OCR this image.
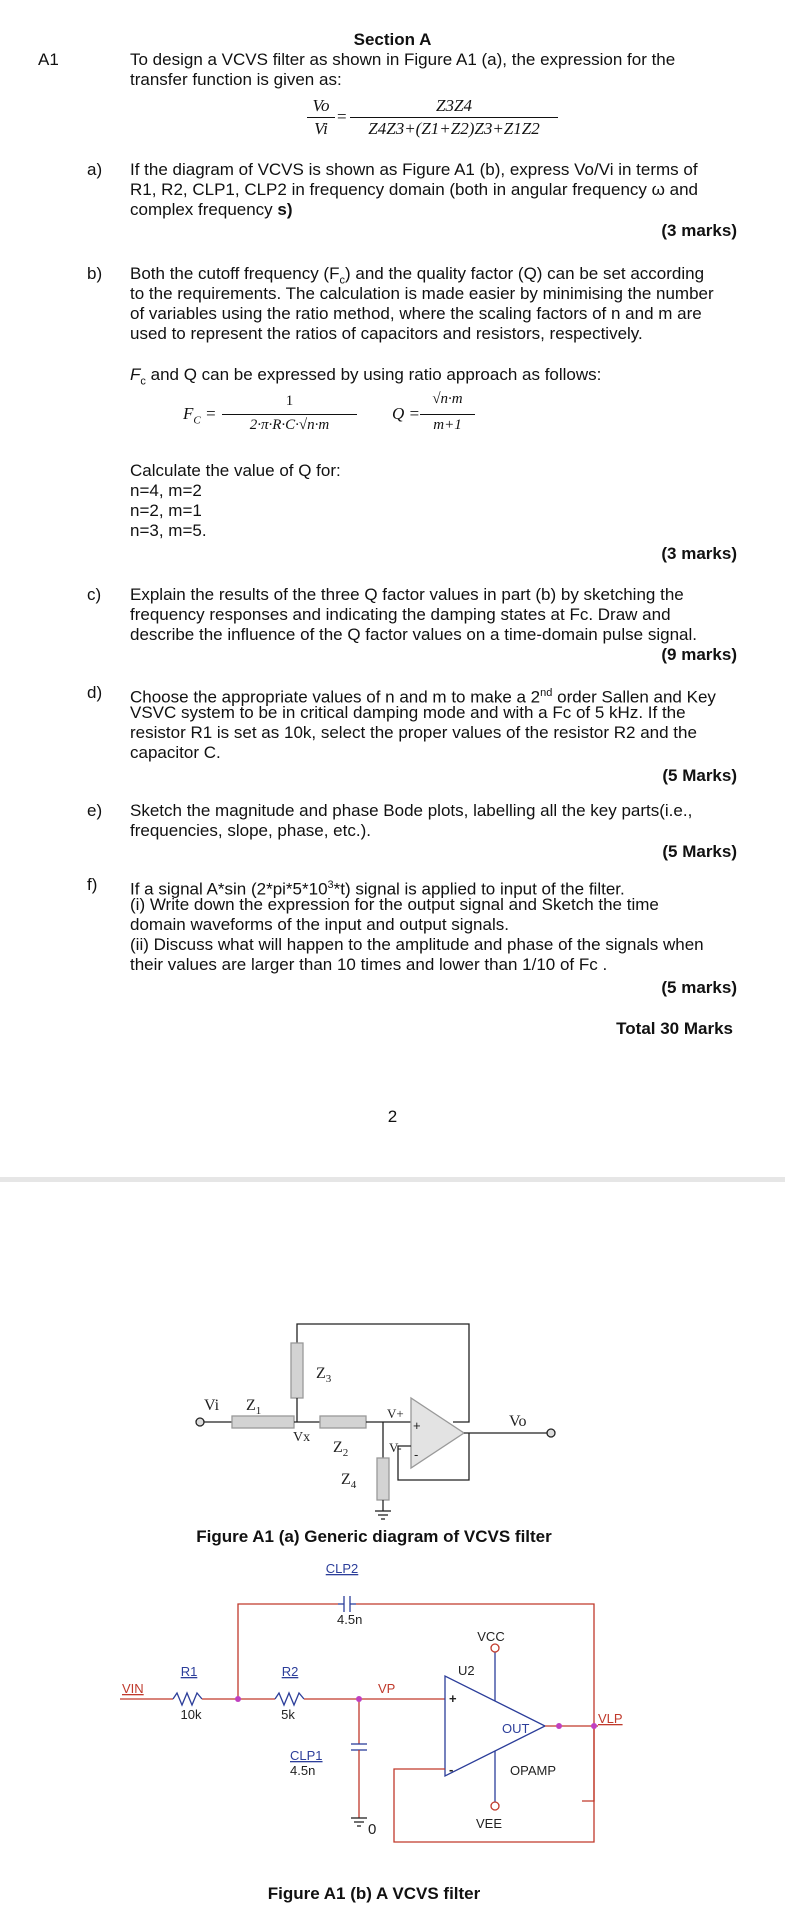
Section A
A1	To design a VCVS filter as shown in Figure A1 (a), the expression for the
transfer function is given as:
Vo
Vi
=
Z3Z4
Z4Z3+(Z1+Z2)Z3+Z1Z2
a) If the diagram of VCVS is shown as Figure A1 (b), express Vo/Vi in terms of
R1, R2, CLP1, CLP2 in frequency domain (both in angular frequency ω and
complex frequency s)
(3 marks)
b) Both the cutoff frequency $(F_c)$ and the quality factor (Q) can be set according
to the requirements. The calculation is made easier by minimising the number
of variables using the ratio method, where the scaling factors of n and m are
used to represent the ratios of capacitors and resistors, respectively.
$F_c$ and Q can be expressed by using ratio approach as follows:
$F_C$ =
1
2·π·R·C·√n·m
Q =
√n·m
m+1
Calculate the value of Q for:
n=4, m=2
n=2, m=1
n=3, m=5.
(3 marks)
c) Explain the results of the three Q factor values in part (b) by sketching the
frequency responses and indicating the damping states at Fc. Draw and
describe the influence of the Q factor values on a time-domain pulse signal.
(9 marks)
d) Choose the appropriate values of n and m to make a 2nd order Sallen and Key
VSVC system to be in critical damping mode and with a Fc of 5 kHz. If the
resistor R1 is set as 10k, select the proper values of the resistor R2 and the
capacitor C.
(5 Marks)
e) Sketch the magnitude and phase Bode plots, labelling all the key parts(i.e.,
frequencies, slope, phase, etc.).
(5 Marks)
f) If a signal A*sin $(2*pi*5*10^3*t)$ signal is applied to input of the filter.
(i) Write down the expression for the output signal and Sketch the time
domain waveforms of the input and output signals.
(ii) Discuss what will happen to the amplitude and phase of the signals when
their values are larger than 10 times and lower than 1/10 of Fc .
(5 marks)
Total 30 Marks
2
Vi $Z_1$
$Z_3$
Vx
$Z_2$
$Z_4$
V+
V-
+
-
Vo
Figure A1 (a) Generic diagram of VCVS filter
CLP2
4.5n
VCC
R1
10k
R2
5k
U2
VIN	VP
+
OUT
VLP
CLP1
4.5n	-	OPAMP
VEE
0
Figure A1 (b) A VCVS filter
